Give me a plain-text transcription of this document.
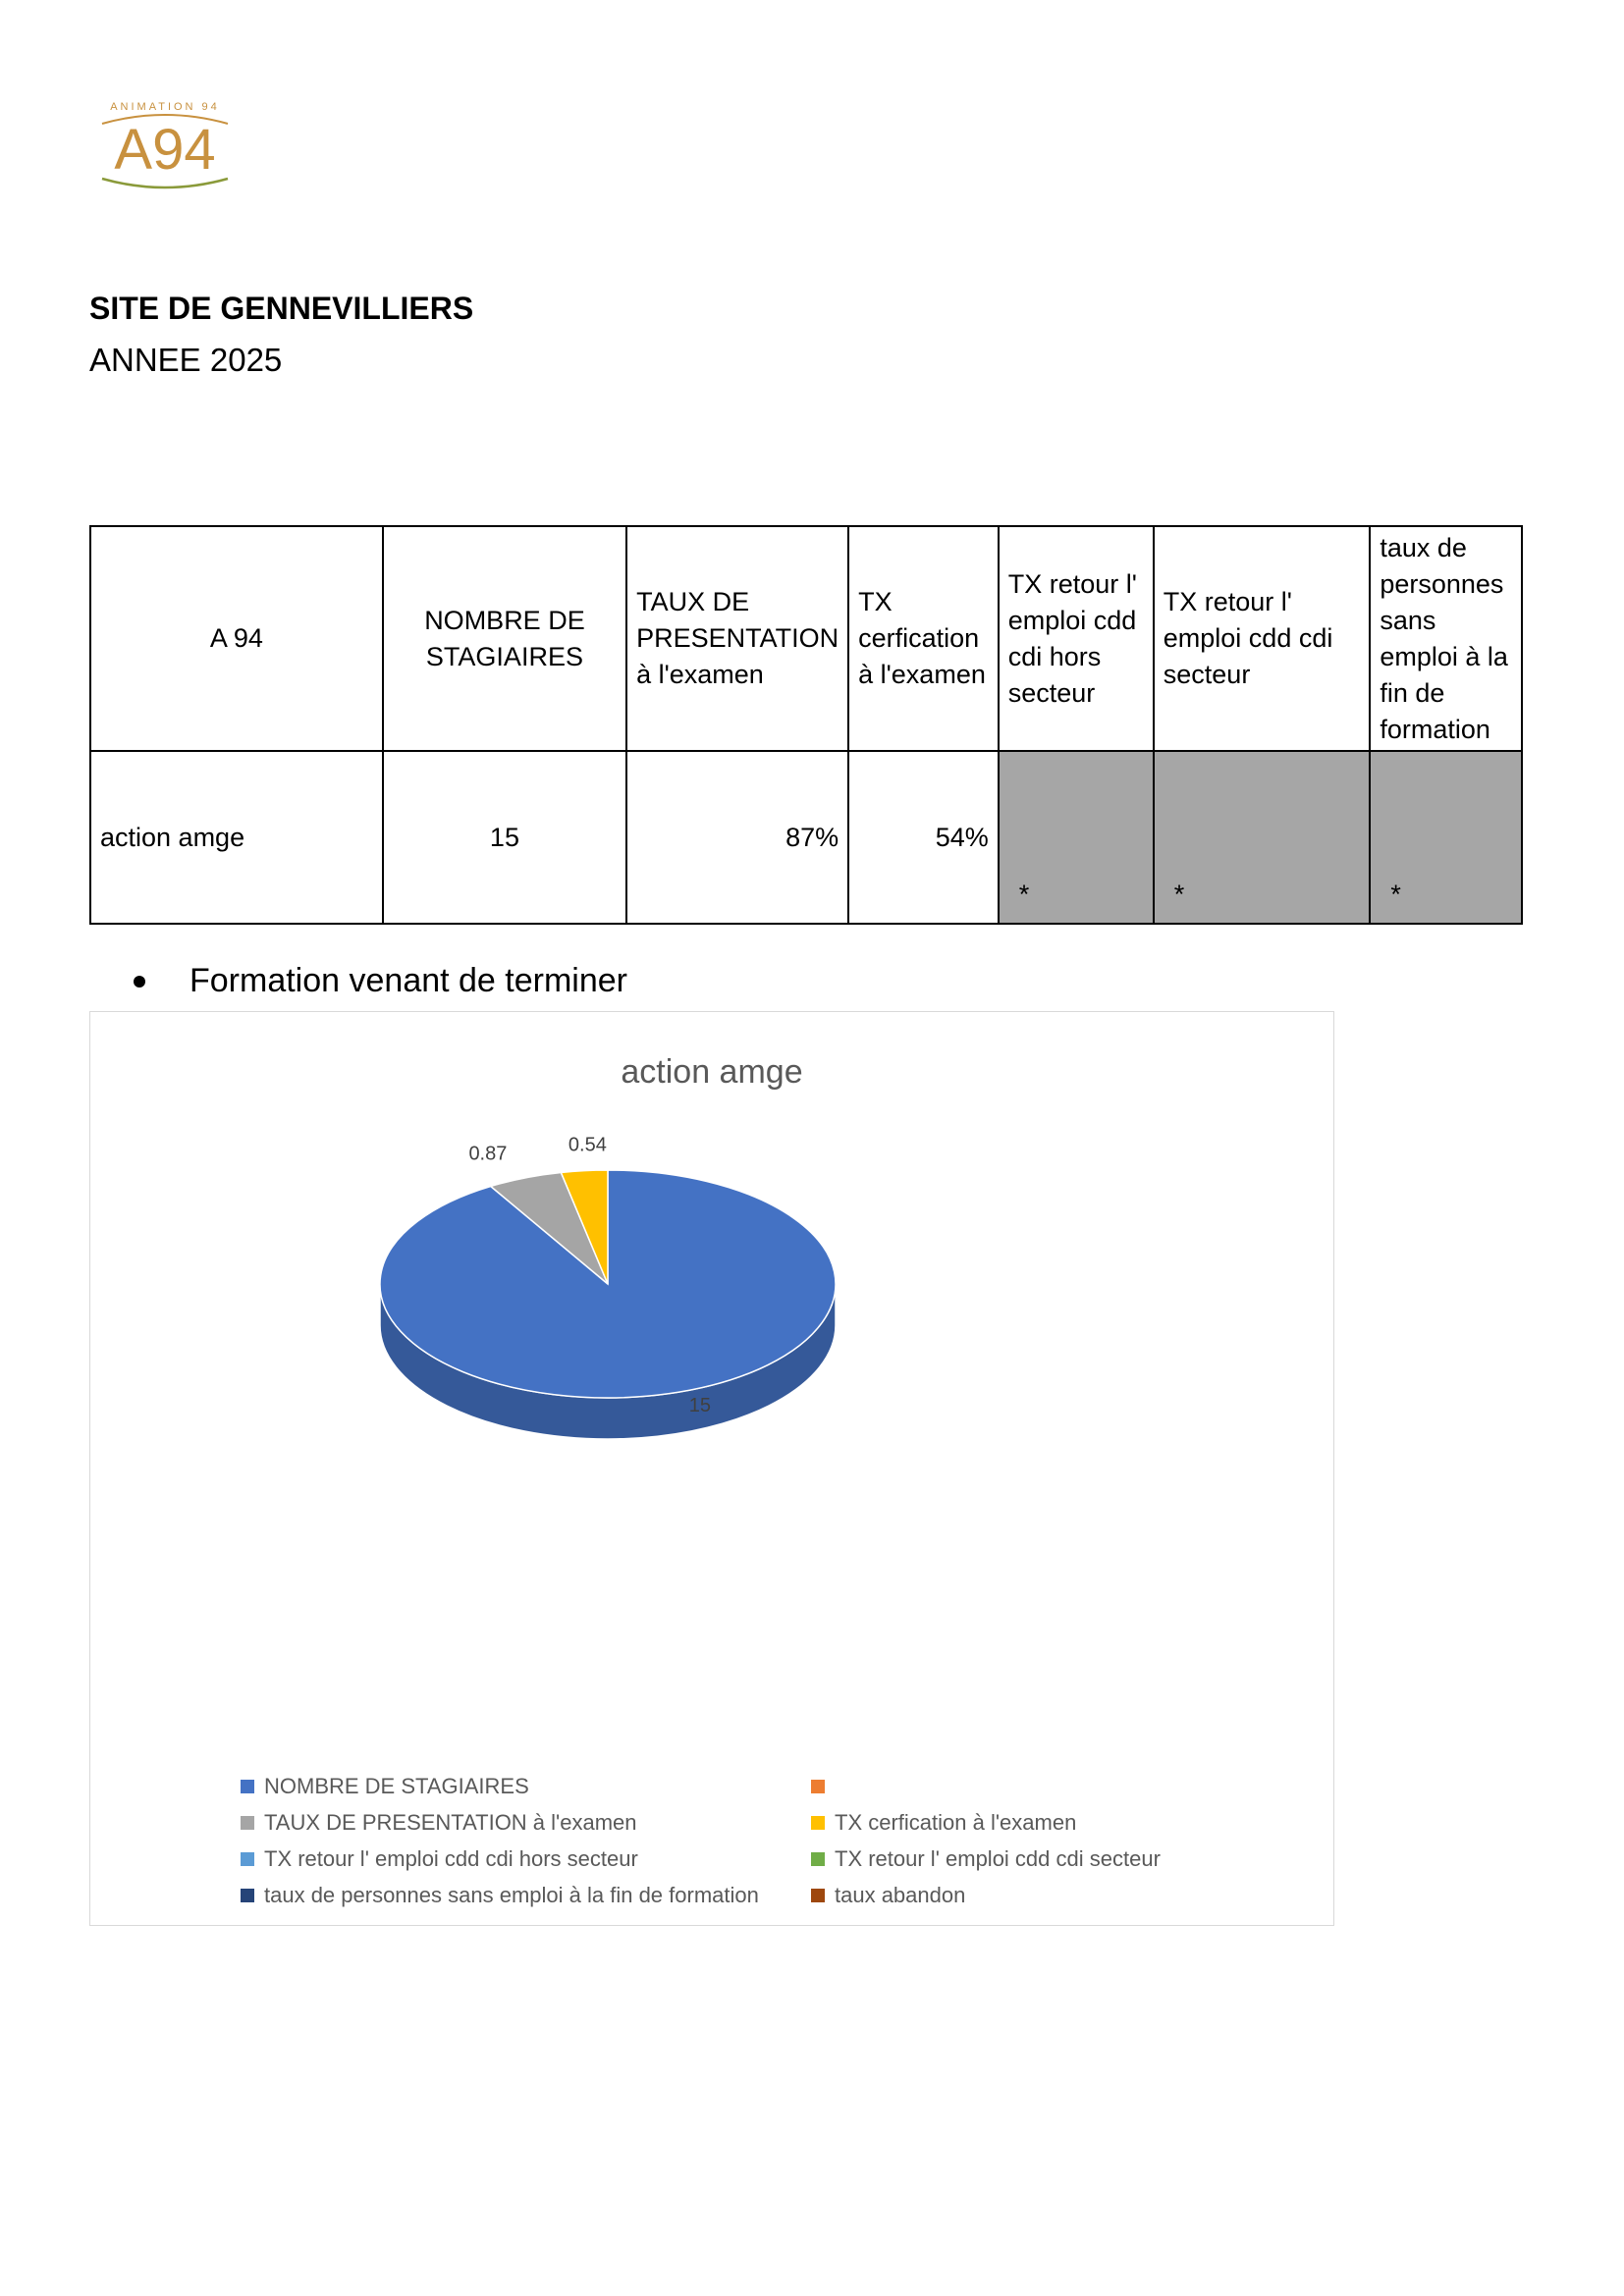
ANIMATION 94
A94
SITE DE GENNEVILLIERS
ANNEE 2025
A 94	NOMBRE DE STAGIAIRES	TAUX DE PRESENTATION à l'examen	TX cerfication à l'examen	TX retour l' emploi cdd cdi hors secteur	TX retour l' emploi cdd cdi secteur	taux de personnes sans emploi à la fin de formation
action amge	15	87%	54%	*	*	*
Formation venant de terminer
action amge
15
0.87	0.54
NOMBRE DE STAGIAIRES
TAUX DE PRESENTATION à l'examen	TX cerfication à l'examen
TX retour l' emploi cdd cdi hors secteur	TX retour l' emploi cdd cdi secteur
taux de personnes sans emploi à la fin de formation	taux abandon
